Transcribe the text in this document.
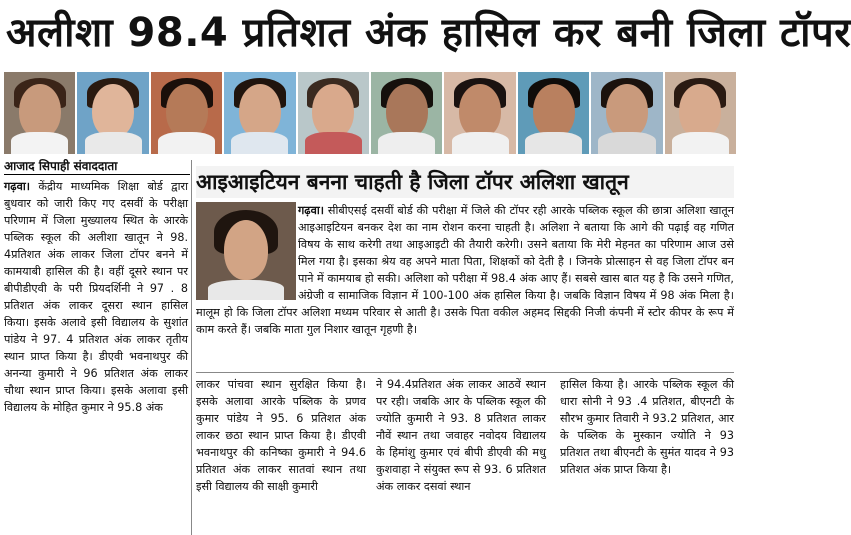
अलीशा 98.4 प्रतिशत अंक हासिल कर बनी जिला टॉपर
आजाद सिपाही संवाददाता
गढ़वा। केंद्रीय माध्यमिक शिक्षा बोर्ड द्वारा बुधवार को जारी किए गए दसवीं के परीक्षा परिणाम में जिला मुख्यालय स्थित के आरके पब्लिक स्कूल की अलीशा खातून ने 98. 4प्रतिशत अंक लाकर जिला टॉपर बनने में कामयाबी हासिल की है। वहीं दूसरे स्थान पर बीपीडीएवी के परी प्रियदर्शिनी ने 97 . 8 प्रतिशत अंक लाकर दूसरा स्थान हासिल किया। इसके अलावे इसी विद्यालय के सुशांत पांडेय ने 97. 4 प्रतिशत अंक लाकर तृतीय स्थान प्राप्त किया है। डीएवी भवनाथपुर की अनन्या कुमारी ने 96 प्रतिशत अंक लाकर चौथा स्थान प्राप्त किया। इसके अलावा इसी विद्यालय के मोहित कुमार ने 95.8 अंक
आइआइटियन बनना चाहती है जिला टॉपर अलिशा खातून
गढ़वा। सीबीएसई दसवीं बोर्ड की परीक्षा में जिले की टॉपर रही आरके पब्लिक स्कूल की छात्रा अलिशा खातून आइआइटियन बनकर देश का नाम रोशन करना चाहती है। अलिशा ने बताया कि आगे की पढ़ाई वह गणित विषय के साथ करेगी तथा आइआइटी की तैयारी करेगी। उसने बताया कि मेरी मेहनत का परिणाम आज उसे मिल गया है। इसका श्रेय वह अपने माता पिता, शिक्षकों को देती है । जिनके प्रोत्साहन से वह जिला टॉपर बन पाने में कामयाब हो सकी। अलिशा को परीक्षा में 98.4 अंक आए हैं। सबसे खास बात यह है कि उसने गणित, अंग्रेजी व सामाजिक विज्ञान में 100-100 अंक हासिल किया है। जबकि विज्ञान विषय में 98 अंक मिला है। मालूम हो कि जिला टॉपर अलिशा मध्यम परिवार से आती है। उसके पिता वकील अहमद सिद्दकी निजी कंपनी में स्टोर कीपर के रूप में काम करते हैं। जबकि माता गुल निशार खातून गृहणी है।
लाकर पांचवा स्थान सुरक्षित किया है। इसके अलावा आरके पब्लिक के प्रणव कुमार पांडेय ने 95. 6 प्रतिशत अंक लाकर छठा स्थान प्राप्त किया है। डीएवी भवनाथपुर की कनिष्का कुमारी ने 94.6 प्रतिशत अंक लाकर सातवां स्थान तथा इसी विद्यालय की साक्षी कुमारी
ने 94.4प्रतिशत अंक लाकर आठवें स्थान पर रही। जबकि आर के पब्लिक स्कूल की ज्योति कुमारी ने 93. 8 प्रतिशत लाकर नौवें स्थान तथा जवाहर नवोदय विद्यालय के हिमांशु कुमार एवं बीपी डीएवी की मधु कुशवाहा ने संयुक्त रूप से 93. 6 प्रतिशत अंक लाकर दसवां स्थान
हासिल किया है। आरके पब्लिक स्कूल की धारा सोनी ने 93 .4 प्रतिशत, बीएनटी के सौरभ कुमार तिवारी ने 93.2 प्रतिशत, आर के पब्लिक के मुस्कान ज्योति ने 93 प्रतिशत तथा बीएनटी के सुमंत यादव ने 93 प्रतिशत अंक प्राप्त किया है।
